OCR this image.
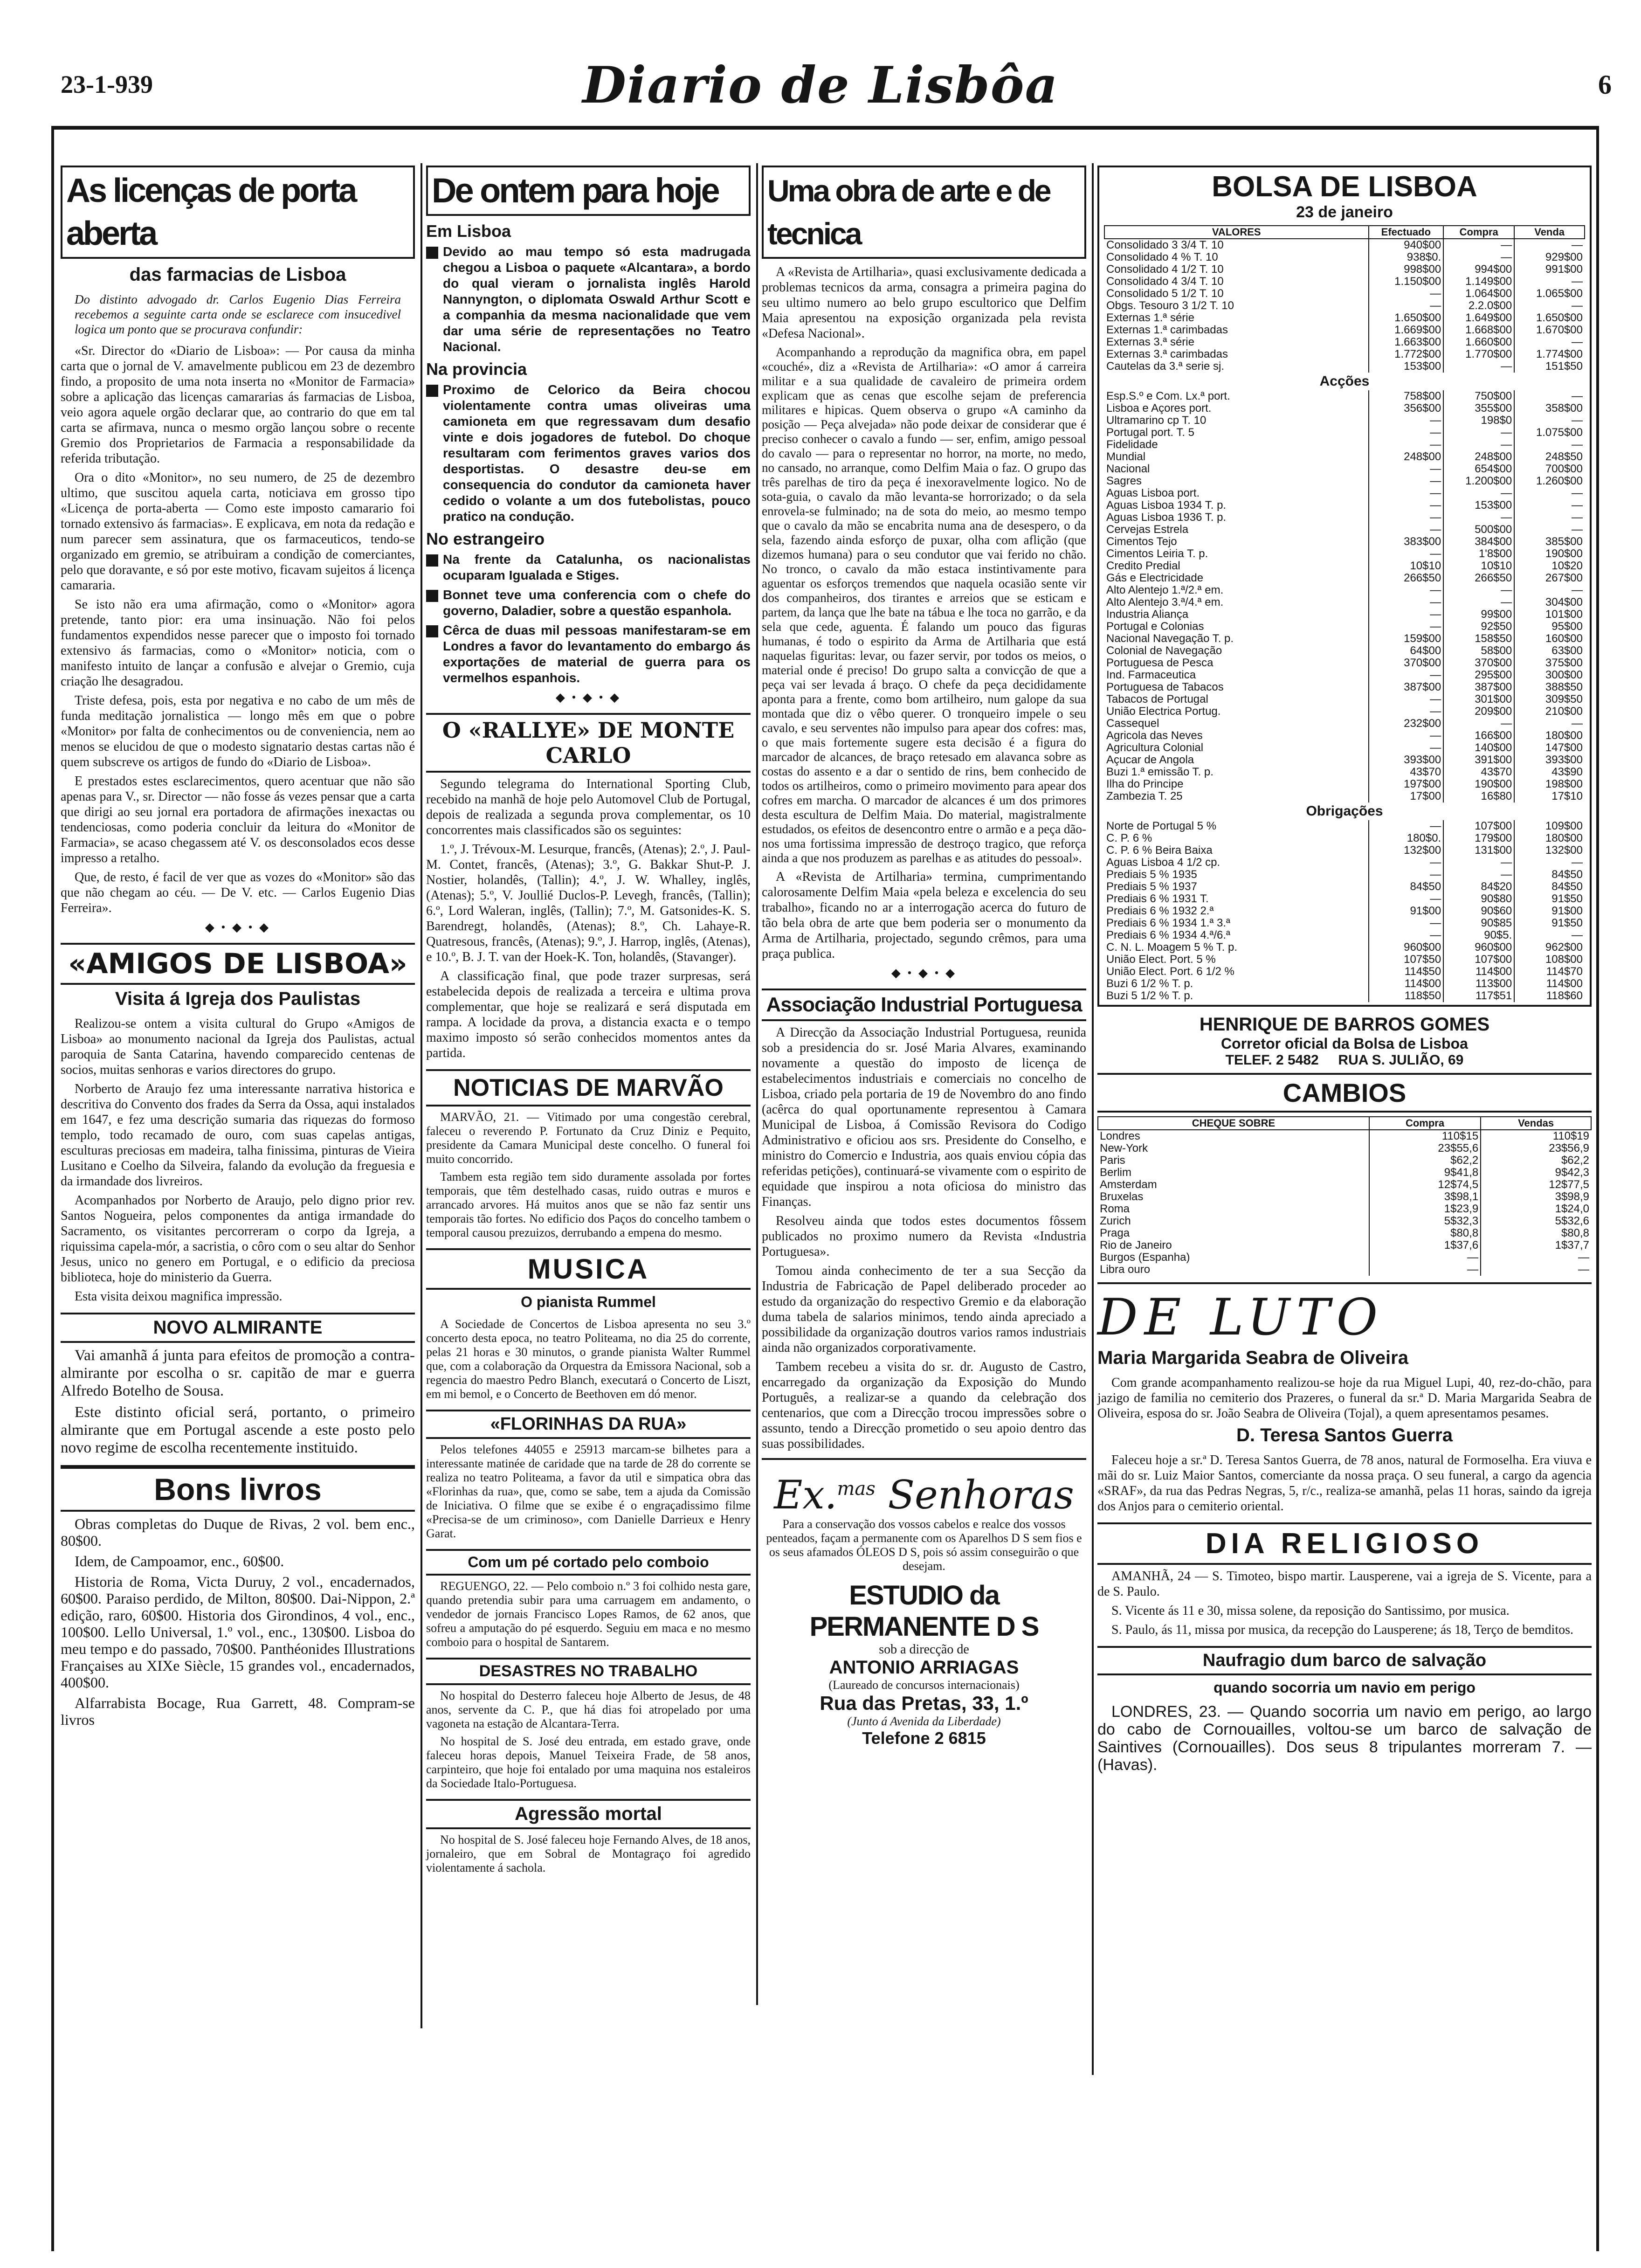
23-1-939	Diario de Lisbôa	6
As licenças de porta aberta
das farmacias de Lisboa
Do distinto advogado dr. Carlos Eugenio Dias Ferreira recebemos a seguinte carta onde se esclarece com insucedivel logica um ponto que se procurava confundir:

«Sr. Director do «Diario de Lisboa»: — Por causa da minha carta que o jornal de V. amavelmente publicou em 23 de dezembro findo, a proposito de uma nota inserta no «Monitor de Farmacia» sobre a aplicação das licenças camararias ás farmacias de Lisboa, veio agora aquele orgão declarar que, ao contrario do que em tal carta se afirmava, nunca o mesmo orgão lançou sobre o recente Gremio dos Proprietarios de Farmacia a responsabilidade da referida tributação.

Ora o dito «Monitor», no seu numero, de 25 de dezembro ultimo, que suscitou aquela carta, noticiava em grosso tipo «Licença de porta-aberta — Como este imposto camarario foi tornado extensivo ás farmacias». E explicava, em nota da redação e num parecer sem assinatura, que os farmaceuticos, tendo-se organizado em gremio, se atribuiram a condição de comerciantes, pelo que doravante, e só por este motivo, ficavam sujeitos á licença camararia.

Se isto não era uma afirmação, como o «Monitor» agora pretende, tanto pior: era uma insinuação. Não foi pelos fundamentos expendidos nesse parecer que o imposto foi tornado extensivo ás farmacias, como o «Monitor» noticia, com o manifesto intuito de lançar a confusão e alvejar o Gremio, cuja criação lhe desagradou.

Triste defesa, pois, esta por negativa e no cabo de um mês de funda meditação jornalistica — longo mês em que o pobre «Monitor» por falta de conhecimentos ou de conveniencia, nem ao menos se elucidou de que o modesto signatario destas cartas não é quem subscreve os artigos de fundo do «Diario de Lisboa».

E prestados estes esclarecimentos, quero acentuar que não são apenas para V., sr. Director — não fosse ás vezes pensar que a carta que dirigi ao seu jornal era portadora de afirmações inexactas ou tendenciosas, como poderia concluir da leitura do «Monitor de Farmacia», se acaso chegassem até V. os desconsolados ecos desse impresso a retalho.

Que, de resto, é facil de ver que as vozes do «Monitor» são das que não chegam ao céu. — De V. etc. — Carlos Eugenio Dias Ferreira».

◆ • ◆ • ◆
«AMIGOS DE LISBOA»
Visita á Igreja dos Paulistas

Realizou-se ontem a visita cultural do Grupo «Amigos de Lisboa» ao monumento nacional da Igreja dos Paulistas, actual paroquia de Santa Catarina, havendo comparecido centenas de socios, muitas senhoras e varios directores do grupo.

Norberto de Araujo fez uma interessante narrativa historica e descritiva do Convento dos frades da Serra da Ossa, aqui instalados em 1647, e fez uma descrição sumaria das riquezas do formoso templo, todo recamado de ouro, com suas capelas antigas, esculturas preciosas em madeira, talha finissima, pinturas de Vieira Lusitano e Coelho da Silveira, falando da evolução da freguesia e da irmandade dos livreiros.

Acompanhados por Norberto de Araujo, pelo digno prior rev. Santos Nogueira, pelos componentes da antiga irmandade do Sacramento, os visitantes percorreram o corpo da Igreja, a riquissima capela-mór, a sacristia, o côro com o seu altar do Senhor Jesus, unico no genero em Portugal, e o edificio da preciosa biblioteca, hoje do ministerio da Guerra.

Esta visita deixou magnifica impressão.

NOVO ALMIRANTE

Vai amanhã á junta para efeitos de promoção a contra-almirante por escolha o sr. capitão de mar e guerra Alfredo Botelho de Sousa.

Este distinto oficial será, portanto, o primeiro almirante que em Portugal ascende a este posto pelo novo regime de escolha recentemente instituido.

Bons livros

Obras completas do Duque de Rivas, 2 vol. bem enc., 80$00.

Idem, de Campoamor, enc., 60$00.

Historia de Roma, Victa Duruy, 2 vol., encadernados, 60$00. Paraiso perdido, de Milton, 80$00. Dai-Nippon, 2.ª edição, raro, 60$00. Historia dos Girondinos, 4 vol., enc., 100$00. Lello Universal, 1.º vol., enc., 130$00. Lisboa do meu tempo e do passado, 70$00. Panthéonides Illustrations Françaises au XIXe Siècle, 15 grandes vol., encadernados, 400$00.

Alfarrabista Bocage, Rua Garrett, 48. Compram-se livros

De ontem para hoje
Em Lisboa
Devido ao mau tempo só esta madrugada chegou a Lisboa o paquete «Alcantara», a bordo do qual vieram o jornalista inglês Harold Nannyngton, o diplomata Oswald Arthur Scott e a companhia da mesma nacionalidade que vem dar uma série de representações no Teatro Nacional.
Na provincia
Proximo de Celorico da Beira chocou violentamente contra umas oliveiras uma camioneta em que regressavam dum desafio vinte e dois jogadores de futebol. Do choque resultaram com ferimentos graves varios dos desportistas. O desastre deu-se em consequencia do condutor da camioneta haver cedido o volante a um dos futebolistas, pouco pratico na condução.
No estrangeiro
Na frente da Catalunha, os nacionalistas ocuparam Igualada e Stiges.
Bonnet teve uma conferencia com o chefe do governo, Daladier, sobre a questão espanhola.
Cêrca de duas mil pessoas manifestaram-se em Londres a favor do levantamento do embargo ás exportações de material de guerra para os vermelhos espanhois.
◆ • ◆ • ◆
O «RALLYE» DE MONTE CARLO

Segundo telegrama do International Sporting Club, recebido na manhã de hoje pelo Automovel Club de Portugal, depois de realizada a segunda prova complementar, os 10 concorrentes mais classificados são os seguintes:

1.º, J. Trévoux-M. Lesurque, francês, (Atenas); 2.º, J. Paul-M. Contet, francês, (Atenas); 3.º, G. Bakkar Shut-P. J. Nostier, holandês, (Tallin); 4.º, J. W. Whalley, inglês, (Atenas); 5.º, V. Joullié Duclos-P. Levegh, francês, (Tallin); 6.º, Lord Waleran, inglês, (Tallin); 7.º, M. Gatsonides-K. S. Barendregt, holandês, (Atenas); 8.º, Ch. Lahaye-R. Quatresous, francês, (Atenas); 9.º, J. Harrop, inglês, (Atenas), e 10.º, B. J. T. van der Hoek-K. Ton, holandês, (Stavanger).

A classificação final, que pode trazer surpresas, será estabelecida depois de realizada a terceira e ultima prova complementar, que hoje se realizará e será disputada em rampa. A locidade da prova, a distancia exacta e o tempo maximo imposto só serão conhecidos momentos antes da partida.

NOTICIAS DE MARVÃO

MARVÃO, 21. — Vitimado por uma congestão cerebral, faleceu o reverendo P. Fortunato da Cruz Diniz e Pequito, presidente da Camara Municipal deste concelho. O funeral foi muito concorrido.

Tambem esta região tem sido duramente assolada por fortes temporais, que têm destelhado casas, ruido outras e muros e arrancado arvores. Há muitos anos que se não faz sentir uns temporais tão fortes. No edificio dos Paços do concelho tambem o temporal causou prezuizos, derrubando a empena do mesmo.

MUSICA
O pianista Rummel

A Sociedade de Concertos de Lisboa apresenta no seu 3.º concerto desta epoca, no teatro Politeama, no dia 25 do corrente, pelas 21 horas e 30 minutos, o grande pianista Walter Rummel que, com a colaboração da Orquestra da Emissora Nacional, sob a regencia do maestro Pedro Blanch, executará o Concerto de Liszt, em mi bemol, e o Concerto de Beethoven em dó menor.

«FLORINHAS DA RUA»

Pelos telefones 44055 e 25913 marcam-se bilhetes para a interessante matinée de caridade que na tarde de 28 do corrente se realiza no teatro Politeama, a favor da util e simpatica obra das «Florinhas da rua», que, como se sabe, tem a ajuda da Comissão de Iniciativa. O filme que se exibe é o engraçadissimo filme «Precisa-se de um criminoso», com Danielle Darrieux e Henry Garat.

Com um pé cortado pelo comboio

REGUENGO, 22. — Pelo comboio n.º 3 foi colhido nesta gare, quando pretendia subir para uma carruagem em andamento, o vendedor de jornais Francisco Lopes Ramos, de 62 anos, que sofreu a amputação do pé esquerdo. Seguiu em maca e no mesmo comboio para o hospital de Santarem.

DESASTRES NO TRABALHO

No hospital do Desterro faleceu hoje Alberto de Jesus, de 48 anos, servente da C. P., que há dias foi atropelado por uma vagoneta na estação de Alcantara-Terra.

No hospital de S. José deu entrada, em estado grave, onde faleceu horas depois, Manuel Teixeira Frade, de 58 anos, carpinteiro, que hoje foi entalado por uma maquina nos estaleiros da Sociedade Italo-Portuguesa.

Agressão mortal

No hospital de S. José faleceu hoje Fernando Alves, de 18 anos, jornaleiro, que em Sobral de Montagraço foi agredido violentamente á sachola.

Uma obra de arte e de tecnica

A «Revista de Artilharia», quasi exclusivamente dedicada a problemas tecnicos da arma, consagra a primeira pagina do seu ultimo numero ao belo grupo escultorico que Delfim Maia apresentou na exposição organizada pela revista «Defesa Nacional».

Acompanhando a reprodução da magnifica obra, em papel «couché», diz a «Revista de Artilharia»: «O amor á carreira militar e a sua qualidade de cavaleiro de primeira ordem explicam que as cenas que escolhe sejam de preferencia militares e hipicas. Quem observa o grupo «A caminho da posição — Peça alvejada» não pode deixar de considerar que é preciso conhecer o cavalo a fundo — ser, enfim, amigo pessoal do cavalo — para o representar no horror, na morte, no medo, no cansado, no arranque, como Delfim Maia o faz. O grupo das três parelhas de tiro da peça é inexoravelmente logico. No de sota-guia, o cavalo da mão levanta-se horrorizado; o da sela enrovela-se fulminado; na de sota do meio, ao mesmo tempo que o cavalo da mão se encabrita numa ana de desespero, o da sela, fazendo ainda esforço de puxar, olha com aflição (que dizemos humana) para o seu condutor que vai ferido no chão. No tronco, o cavalo da mão estaca instintivamente para aguentar os esforços tremendos que naquela ocasião sente vir dos companheiros, dos tirantes e arreios que se esticam e partem, da lança que lhe bate na tábua e lhe toca no garrão, e da sela que cede, aguenta. É falando um pouco das figuras humanas, é todo o espirito da Arma de Artilharia que está naquelas figuritas: levar, ou fazer servir, por todos os meios, o material onde é preciso! Do grupo salta a convicção de que a peça vai ser levada á braço. O chefe da peça decididamente aponta para a frente, como bom artilheiro, num galope da sua montada que diz o vêbo querer. O tronqueiro impele o seu cavalo, e seu serventes não impulso para apear dos cofres: mas, o que mais fortemente sugere esta decisão é a figura do marcador de alcances, de braço retesado em alavanca sobre as costas do assento e a dar o sentido de rins, bem conhecido de todos os artilheiros, como o primeiro movimento para apear dos cofres em marcha. O marcador de alcances é um dos primores desta escultura de Delfim Maia. Do material, magistralmente estudados, os efeitos de desencontro entre o armão e a peça dão-nos uma fortissima impressão de destroço tragico, que reforça ainda a que nos produzem as parelhas e as atitudes do pessoal».

A «Revista de Artilharia» termina, cumprimentando calorosamente Delfim Maia «pela beleza e excelencia do seu trabalho», ficando no ar a interrogação acerca do futuro de tão bela obra de arte que bem poderia ser o monumento da Arma de Artilharia, projectado, segundo crêmos, para uma praça publica.

◆ • ◆ • ◆
Associação Industrial Portuguesa

A Direcção da Associação Industrial Portuguesa, reunida sob a presidencia do sr. José Maria Alvares, examinando novamente a questão do imposto de licença de estabelecimentos industriais e comerciais no concelho de Lisboa, criado pela portaria de 19 de Novembro do ano findo (acêrca do qual oportunamente representou à Camara Municipal de Lisboa, á Comissão Revisora do Codigo Administrativo e oficiou aos srs. Presidente do Conselho, e ministro do Comercio e Industria, aos quais enviou cópia das referidas petições), continuará-se vivamente com o espirito de equidade que inspirou a nota oficiosa do ministro das Finanças.

Resolveu ainda que todos estes documentos fôssem publicados no proximo numero da Revista «Industria Portuguesa».

Tomou ainda conhecimento de ter a sua Secção da Industria de Fabricação de Papel deliberado proceder ao estudo da organização do respectivo Gremio e da elaboração duma tabela de salarios minimos, tendo ainda apreciado a possibilidade da organização doutros varios ramos industriais ainda não organizados corporativamente.

Tambem recebeu a visita do sr. dr. Augusto de Castro, encarregado da organização da Exposição do Mundo Português, a realizar-se a quando da celebração dos centenarios, que com a Direcção trocou impressões sobre o assunto, tendo a Direcção prometido o seu apoio dentro das suas possibilidades.

Ex.$^{mas}$ Senhoras

Para a conservação dos vossos cabelos e realce dos vossos penteados, façam a permanente com os Aparelhos D S sem fios e os seus afamados ÓLEOS D S, pois só assim conseguirão o que desejam.

ESTUDIO da PERMANENTE D S
sob a direcção de
ANTONIO ARRIAGAS
(Laureado de concursos internacionais)
Rua das Pretas, 33, 1.º
(Junto á Avenida da Liberdade)
Telefone 2 6815
BOLSA DE LISBOA
23 de janeiro
VALORES	Efectuado	Compra	Venda
Consolidado 3 3/4 T. 10	940$00	—	—
Consolidado 4 % T. 10	938$0.	—	929$00
Consolidado 4 1/2 T. 10	998$00	994$00	991$00
Consolidado 4 3/4 T. 10	1.150$00	1.149$00	—
Consolidado 5 1/2 T. 10	—	1.064$00	1.065$00
Obgs. Tesouro 3 1/2 T. 10	—	2.2.0$00	—
Externas 1.ª série	1.650$00	1.649$00	1.650$00
Externas 1.ª carimbadas	1.669$00	1.668$00	1.670$00
Externas 3.ª série	1.663$00	1.660$00	—
Externas 3.ª carimbadas	1.772$00	1.770$00	1.774$00
Cautelas da 3.ª serie sj.	153$00	—	151$50
Acções			
Esp.S.º e Com. Lx.ª port.	758$00	750$00	—
Lisboa e Açores port.	356$00	355$00	358$00
Ultramarino cp T. 10	—	198$0	—
Portugal port. T. 5	—	—	1.075$00
Fidelidade	—	—	—
Mundial	248$00	248$00	248$50
Nacional	—	654$00	700$00
Sagres	—	1.200$00	1.260$00
Aguas Lisboa port.	—	—	—
Aguas Lisboa 1934 T. p.	—	153$00	—
Aguas Lisboa 1936 T. p.	—	—	—
Cervejas Estrela	—	500$00	—
Cimentos Tejo	383$00	384$00	385$00
Cimentos Leiria T. p.	—	1'8$00	190$00
Credito Predial	10$10	10$10	10$20
Gás e Electricidade	266$50	266$50	267$00
Alto Alentejo 1.ª/2.ª em.	—	—	—
Alto Alentejo 3.ª/4.ª em.	—	—	304$00
Industria Aliança	—	99$00	101$00
Portugal e Colonias	—	92$50	95$00
Nacional Navegação T. p.	159$00	158$50	160$00
Colonial de Navegação	64$00	58$00	63$00
Portuguesa de Pesca	370$00	370$00	375$00
Ind. Farmaceutica	—	295$00	300$00
Portuguesa de Tabacos	387$00	387$00	388$50
Tabacos de Portugal	—	301$00	309$50
União Electrica Portug.	—	209$00	210$00
Cassequel	232$00	—	—
Agricola das Neves	—	166$00	180$00
Agricultura Colonial	—	140$00	147$00
Açucar de Angola	393$00	391$00	393$00
Buzi 1.ª emissão T. p.	43$70	43$70	43$90
Ilha do Principe	197$00	190$00	198$00
Zambezia T. 25	17$00	16$80	17$10
Obrigações			
Norte de Portugal 5 %	—	107$00	109$00
C. P. 6 %	180$0.	179$00	180$00
C. P. 6 % Beira Baixa	132$00	131$00	132$00
Aguas Lisboa 4 1/2 cp.	—	—	—
Prediais 5 % 1935	—	—	84$50
Prediais 5 % 1937	84$50	84$20	84$50
Prediais 6 % 1931 T.	—	90$80	91$50
Prediais 6 % 1932 2.ª	91$00	90$60	91$00
Prediais 6 % 1934 1.ª 3.ª	—	90$85	91$50
Prediais 6 % 1934 4.ª/6.ª	—	90$5.	—
C. N. L. Moagem 5 % T. p.	960$00	960$00	962$00
União Elect. Port. 5 %	107$50	107$00	108$00
União Elect. Port. 6 1/2 %	114$50	114$00	114$70
Buzi 6 1/2 % T. p.	114$00	113$00	114$00
Buzi 5 1/2 % T. p.	118$50	117$51	118$60
HENRIQUE DE BARROS GOMES
Corretor oficial da Bolsa de Lisboa
TELEF. 2 5482     RUA S. JULIÃO, 69
CAMBIOS
CHEQUE SOBRE	Compra	Vendas
Londres	110$15	110$19
New-York	23$55,6	23$56,9
Paris	$62,2	$62,2
Berlim	9$41,8	9$42,3
Amsterdam	12$74,5	12$77,5
Bruxelas	3$98,1	3$98,9
Roma	1$23,9	1$24,0
Zurich	5$32,3	5$32,6
Praga	$80,8	$80,8
Rio de Janeiro	1$37,6	1$37,7
Burgos (Espanha)	—	—
Libra ouro	—	—
DE LUTO
Maria Margarida Seabra de Oliveira

Com grande acompanhamento realizou-se hoje da rua Miguel Lupi, 40, rez-do-chão, para jazigo de familia no cemiterio dos Prazeres, o funeral da sr.ª D. Maria Margarida Seabra de Oliveira, esposa do sr. João Seabra de Oliveira (Tojal), a quem apresentamos pesames.

D. Teresa Santos Guerra

Faleceu hoje a sr.ª D. Teresa Santos Guerra, de 78 anos, natural de Formoselha. Era viuva e mãi do sr. Luiz Maior Santos, comerciante da nossa praça. O seu funeral, a cargo da agencia «SRAF», da rua das Pedras Negras, 5, r/c., realiza-se amanhã, pelas 11 horas, saindo da igreja dos Anjos para o cemiterio oriental.

DIA RELIGIOSO

AMANHÃ, 24 — S. Timoteo, bispo martir. Lausperene, vai a igreja de S. Vicente, para a de S. Paulo.

S. Vicente ás 11 e 30, missa solene, da reposição do Santissimo, por musica.

S. Paulo, ás 11, missa por musica, da recepção do Lausperene; ás 18, Terço de bemditos.

Naufragio dum barco de salvação
quando socorria um navio em perigo

LONDRES, 23. — Quando socorria um navio em perigo, ao largo do cabo de Cornouailles, voltou-se um barco de salvação de Saintives (Cornouailles). Dos seus 8 tripulantes morreram 7. — (Havas).
